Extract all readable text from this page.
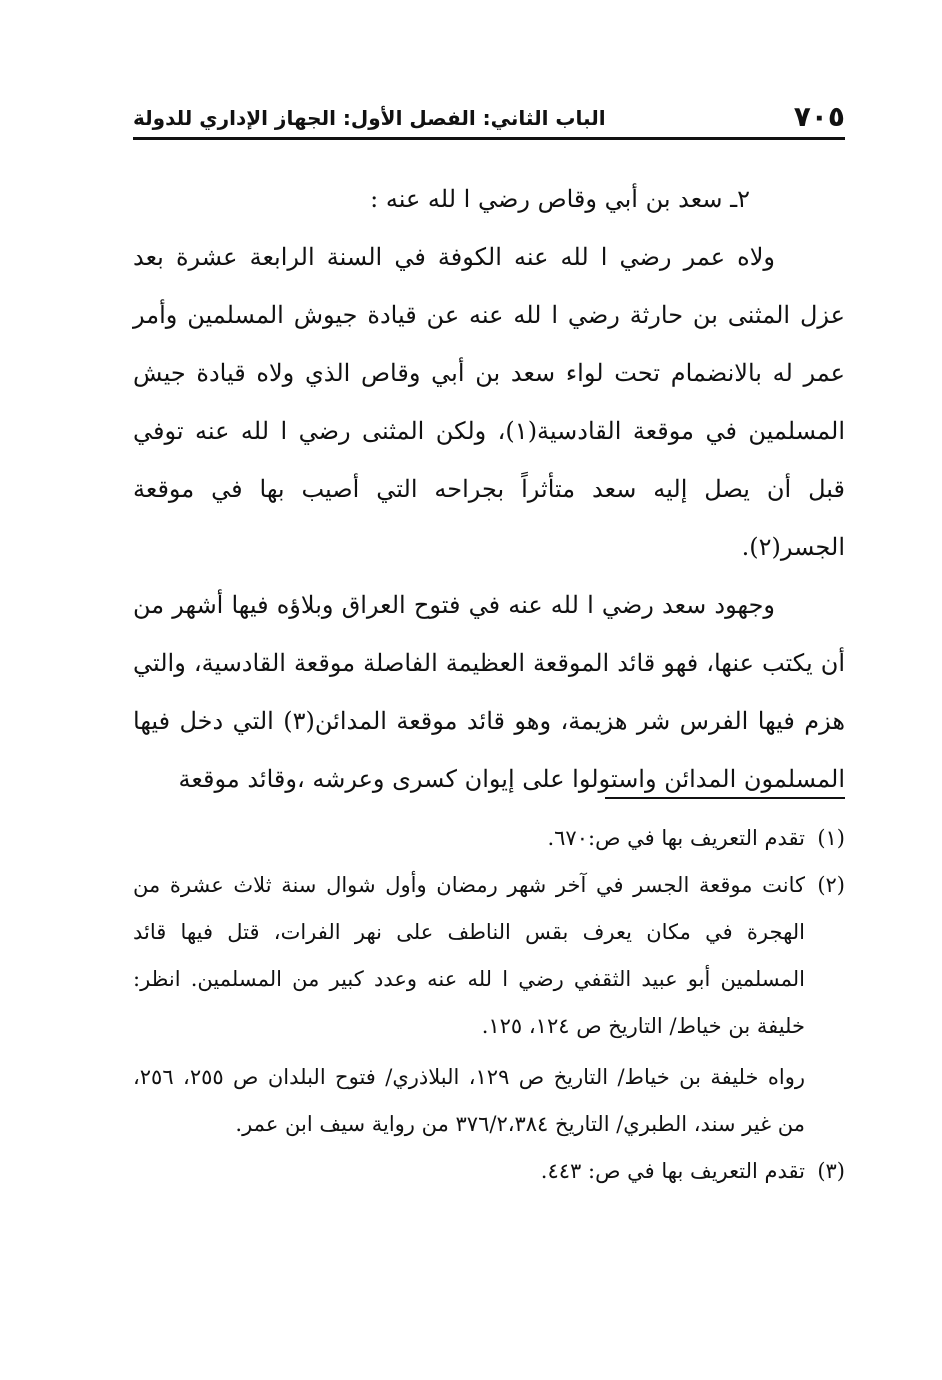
٧٠٥
الباب الثاني: الفصل الأول: الجهاز الإداري للدولة

٢ـ سعد بن أبي وقاص رضي ا لله عنه :

ولاه عمر رضي ا لله عنه الكوفة في السنة الرابعة عشرة بعد عزل المثنى بن حارثة رضي ا لله عنه عن قيادة جيوش المسلمين وأمر عمر له بالانضمام تحت لواء سعد بن أبي وقاص الذي ولاه قيادة جيش المسلمين في موقعة القادسية(١)، ولكن المثنى رضي ا لله عنه توفي قبل أن يصل إليه سعد متأثراً بجراحه التي أصيب بها في موقعة الجسر(٢).

وجهود سعد رضي ا لله عنه في فتوح العراق وبلاؤه فيها أشهر من أن يكتب عنها، فهو قائد الموقعة العظيمة الفاصلة موقعة القادسية، والتي هزم فيها الفرس شر هزيمة، وهو قائد موقعة المدائن(٣) التي دخل فيها المسلمون المدائن واستولوا على إيوان كسرى وعرشه ،وقائد موقعة

(١)
تقدم التعريف بها في ص:٦٧٠.
(٢)
كانت موقعة الجسر في آخر شهر رمضان وأول شوال سنة ثلاث عشرة من الهجرة في مكان يعرف بقس الناطف على نهر الفرات، قتل فيها قائد المسلمين أبو عبيد الثقفي رضي ا لله عنه وعدد كبير من المسلمين. انظر: خليفة بن خياط/ التاريخ ص ١٢٤، ١٢٥.
رواه خليفة بن خياط/ التاريخ ص ١٢٩، البلاذري/ فتوح البلدان ص ٢٥٥، ٢٥٦، من غير سند، الطبري/ التاريخ ٣٧٦/٢،٣٨٤ من رواية سيف ابن عمر.
(٣)
تقدم التعريف بها في ص: ٤٤٣.
